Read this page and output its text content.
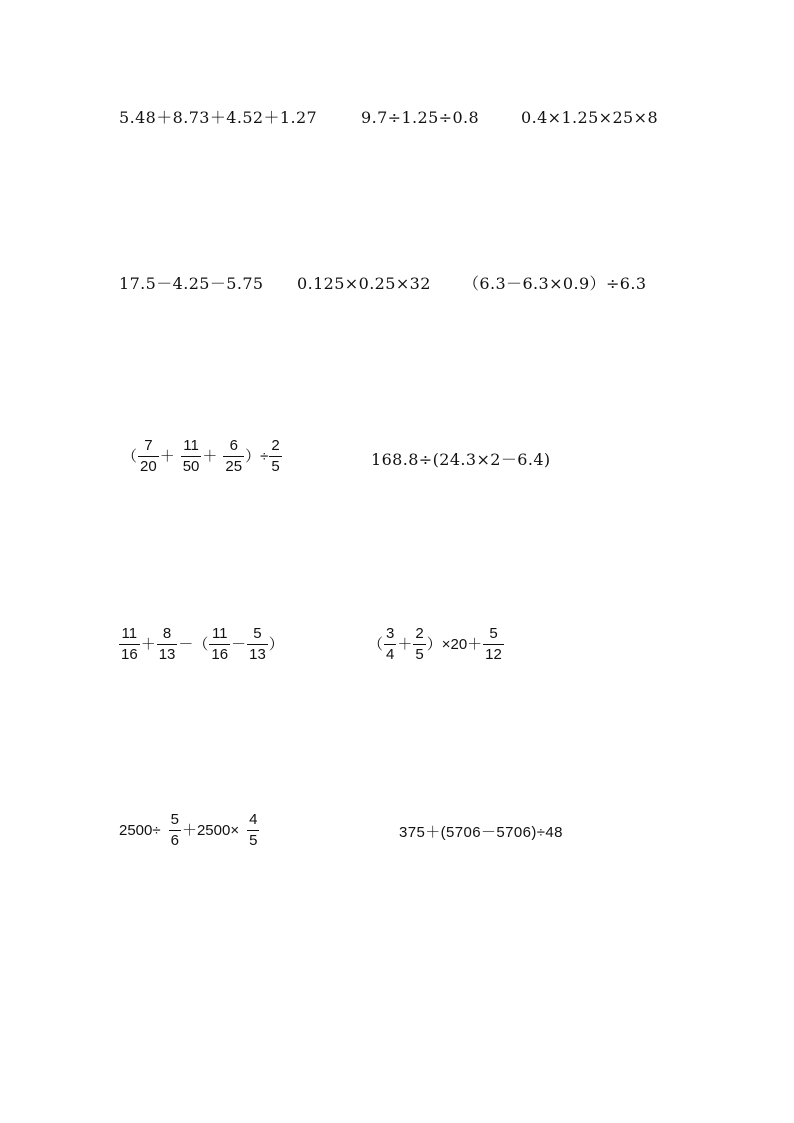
5.48＋8.73＋4.52＋1.27	9.7÷1.25÷0.8	0.4×1.25×25×8
17.5－4.25－5.75 0.125×0.25×32 （6.3－6.3×0.9）÷6.3
（ $\frac{7}{20} + \frac{11}{50} + \frac{6}{25}$ ）÷ $\frac{2}{5}$	168.8÷(24.3×2－6.4)
$\frac{11}{16} + \frac{8}{13}$ －（ $\frac{11}{16} - \frac{5}{13}$ ）	（ $\frac{3}{4} + \frac{2}{5} )\times 20+ \frac{5}{12}$
$2500\div \frac{5}{6} +2500\times \frac{4}{5}$	375＋(5706－5706)÷48
